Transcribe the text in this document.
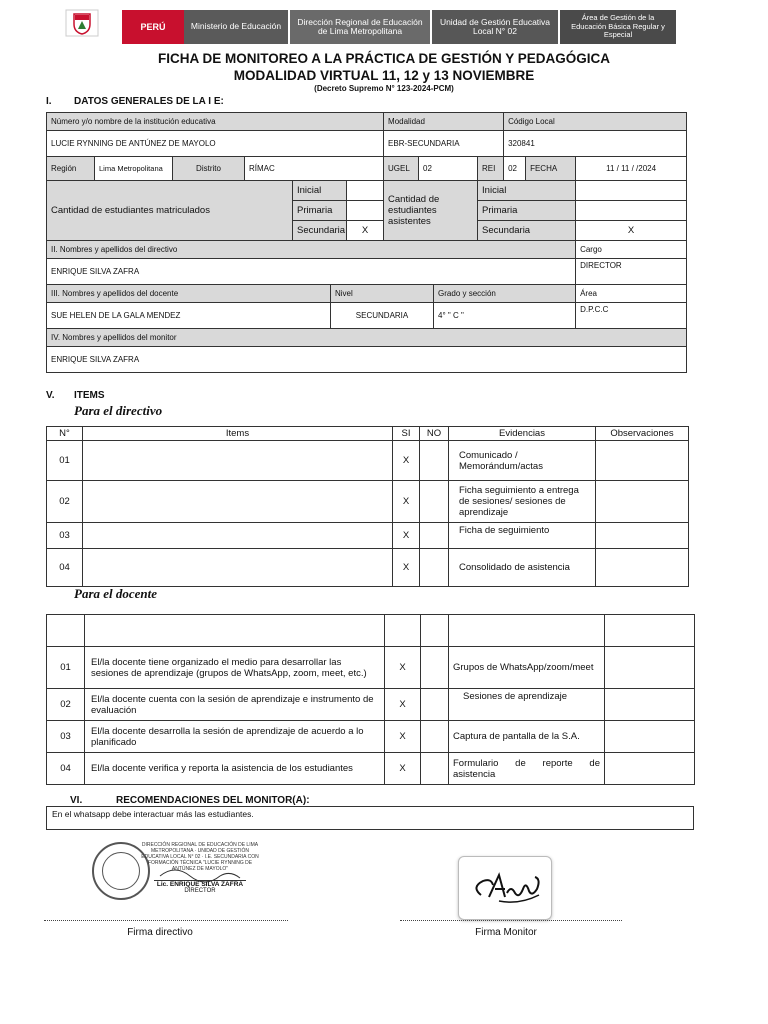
PERÚ	Ministerio de Educación	Dirección Regional de Educación de Lima Metropolitana
Unidad de Gestión Educativa Local N° 02
Área de Gestión de la Educación Básica Regular y Especial
FICHA DE MONITOREO A LA PRÁCTICA DE GESTIÓN Y PEDAGÓGICA
MODALIDAD VIRTUAL 11, 12 y 13 NOVIEMBRE
(Decreto Supremo N° 123-2024-PCM)
I. DATOS GENERALES DE LA I E:
Número y/o nombre de la institución educativa							Modalidad				Código Local		
LUCIE RYNNING DE ANTÚNEZ DE MAYOLO							EBR-SECUNDARIA				320841		
Región	Lima Metropolitana	Distrito	RÍMAC				UGEL	02		REI	02	FECHA	11 / 11 / /2024
Cantidad de estudiantes matriculados				Inicial			Cantidad de estudiantes asistentes			Inicial			
				Primaria						Primaria			
				Secundaria		X				Secundaria			X
II. Nombres y apellidos del directivo													Cargo
ENRIQUE SILVA ZAFRA													DIRECTOR
III. Nombres y apellidos del docente					Nivel				Grado y sección				Área
SUE HELEN DE LA GALA MENDEZ					SECUNDARIA				4° " C "				D.P.C.C
IV. Nombres y apellidos del monitor													
ENRIQUE SILVA ZAFRA													
V. ITEMS
Para el directivo
N°	Items	SI	NO	Evidencias	Observaciones
01		X		Comunicado / Memorándum/actas	
02		X		Ficha seguimiento a entrega de sesiones/ sesiones de aprendizaje	
03		X		Ficha de seguimiento	
04		X		Consolidado de asistencia	
Para el docente

01	El/la docente tiene organizado el medio para desarrollar las sesiones de aprendizaje (grupos de WhatsApp, zoom, meet, etc.)	X		Grupos de WhatsApp/zoom/meet	
02	El/la docente cuenta con la sesión de aprendizaje e instrumento de evaluación	X		Sesiones de aprendizaje	
03	El/la docente desarrolla la sesión de aprendizaje de acuerdo a lo planificado	X		Captura de pantalla de la S.A.	
04	El/la docente verifica y reporta la asistencia de los estudiantes	X		Formulario de reporte de asistencia	
VI.	RECOMENDACIONES DEL MONITOR(A):
En el whatsapp debe interactuar más las estudiantes.
DIRECCIÓN REGIONAL DE EDUCACIÓN DE LIMA METROPOLITANA · UNIDAD DE GESTIÓN EDUCATIVA LOCAL N° 02 · I.E. SECUNDARIA CON FORMACIÓN TÉCNICA "LUCIE RYNNING DE ANTÚNEZ DE MAYOLO"
Lic. ENRIQUE SILVA ZAFRA
DIRECTOR
Firma directivo	Firma Monitor
